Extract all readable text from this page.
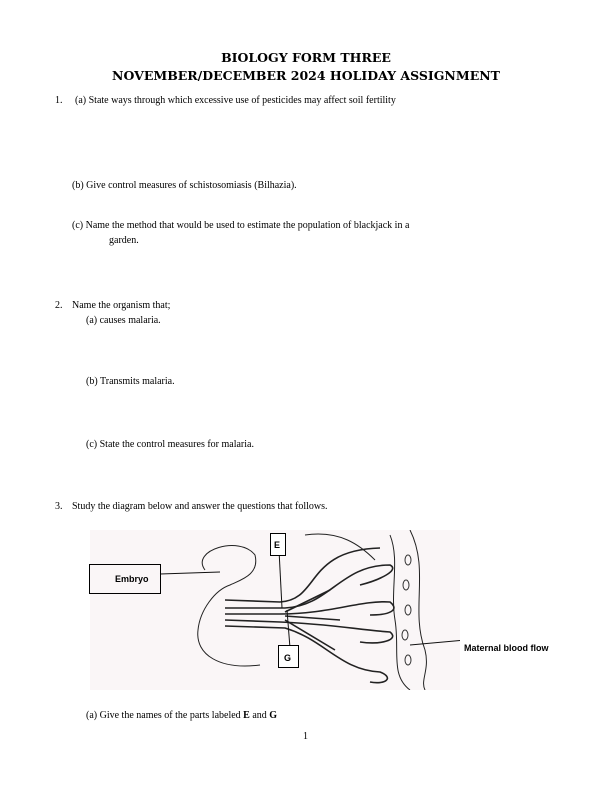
BIOLOGY FORM THREE
NOVEMBER/DECEMBER 2024 HOLIDAY ASSIGNMENT
1. (a) State ways through which excessive use of pesticides may affect soil fertility
(b) Give control measures of schistosomiasis (Bilhazia).
(c) Name the method that would be used to estimate the population of blackjack in a
garden.
2. Name the organism that;
(a) causes malaria.
(b) Transmits malaria.
(c) State the control measures for malaria.
3. Study the diagram below and answer the questions that follows.
Embryo
E
G
Maternal blood flow
(a) Give the names of the parts labeled E and G
1
